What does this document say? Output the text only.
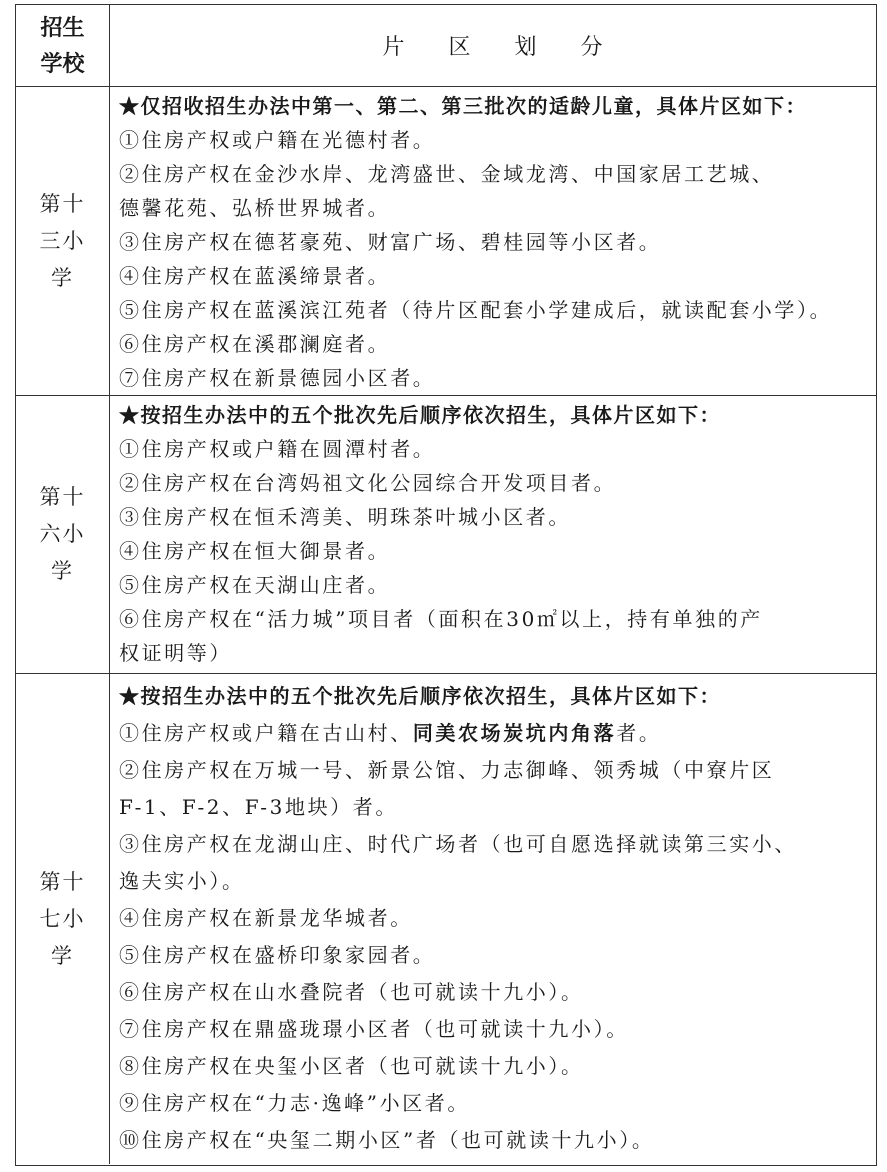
招生
学校
片区划分
第十
三小
学
★仅招收招生办法中第一、第二、第三批次的适龄儿童，具体片区如下：
①住房产权或户籍在光德村者。
②住房产权在金沙水岸、龙湾盛世、金域龙湾、中国家居工艺城、
德馨花苑、弘桥世界城者。
③住房产权在德茗豪苑、财富广场、碧桂园等小区者。
④住房产权在蓝溪缔景者。
⑤住房产权在蓝溪滨江苑者（待片区配套小学建成后，就读配套小学）。
⑥住房产权在溪郡澜庭者。
⑦住房产权在新景德园小区者。
第十
六小
学
★按招生办法中的五个批次先后顺序依次招生，具体片区如下：
①住房产权或户籍在圆潭村者。
②住房产权在台湾妈祖文化公园综合开发项目者。
③住房产权在恒禾湾美、明珠茶叶城小区者。
④住房产权在恒大御景者。
⑤住房产权在天湖山庄者。
⑥住房产权在“活力城”项目者（面积在30㎡以上，持有单独的产
权证明等）
第十
七小
学
★按招生办法中的五个批次先后顺序依次招生，具体片区如下：
①住房产权或户籍在古山村、同美农场炭坑内角落者。
②住房产权在万城一号、新景公馆、力志御峰、领秀城（中寮片区
F-1、F-2、F-3地块）者。
③住房产权在龙湖山庄、时代广场者（也可自愿选择就读第三实小、
逸夫实小）。
④住房产权在新景龙华城者。
⑤住房产权在盛桥印象家园者。
⑥住房产权在山水叠院者（也可就读十九小）。
⑦住房产权在鼎盛珑璟小区者（也可就读十九小）。
⑧住房产权在央玺小区者（也可就读十九小）。
⑨住房产权在“力志·逸峰”小区者。
⑩住房产权在“央玺二期小区”者（也可就读十九小）。
